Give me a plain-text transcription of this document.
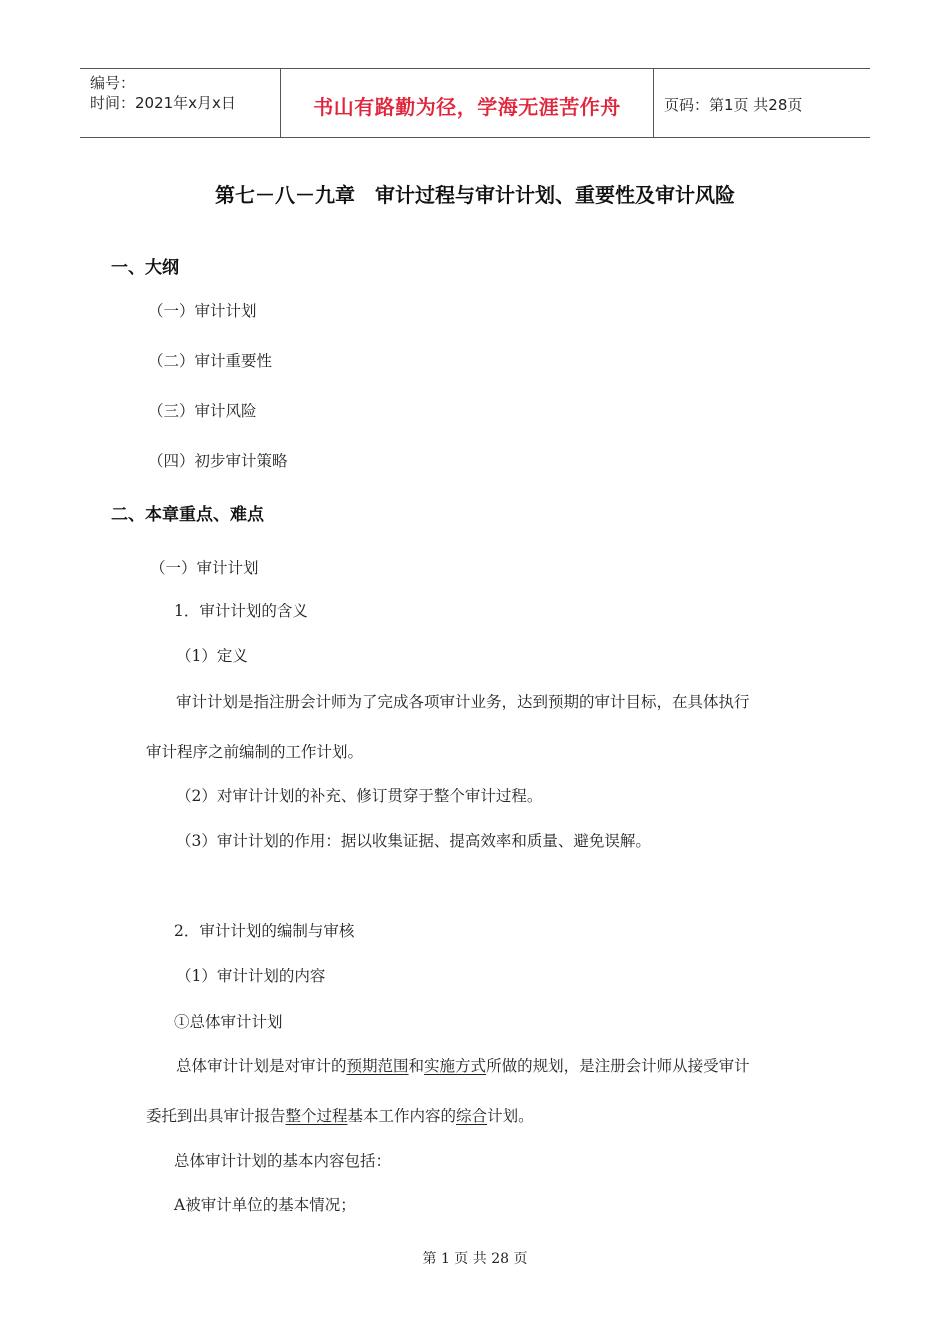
编号：
时间：2021年x月x日	书山有路勤为径，学海无涯苦作舟	页码：第1页 共28页
第七－八－九章　审计过程与审计计划、重要性及审计风险
一、大纲
（一）审计计划
（二）审计重要性
（三）审计风险
（四）初步审计策略
二、本章重点、难点
（一）审计计划
1．审计计划的含义
（1）定义
审计计划是指注册会计师为了完成各项审计业务，达到预期的审计目标，在具体执行
审计程序之前编制的工作计划。
（2）对审计计划的补充、修订贯穿于整个审计过程。
（3）审计计划的作用：据以收集证据、提高效率和质量、避免误解。
2．审计计划的编制与审核
（1）审计计划的内容
①总体审计计划
总体审计计划是对审计的预期范围和实施方式所做的规划，是注册会计师从接受审计
委托到出具审计报告整个过程基本工作内容的综合计划。
总体审计计划的基本内容包括：
A被审计单位的基本情况；
第 1 页 共 28 页
